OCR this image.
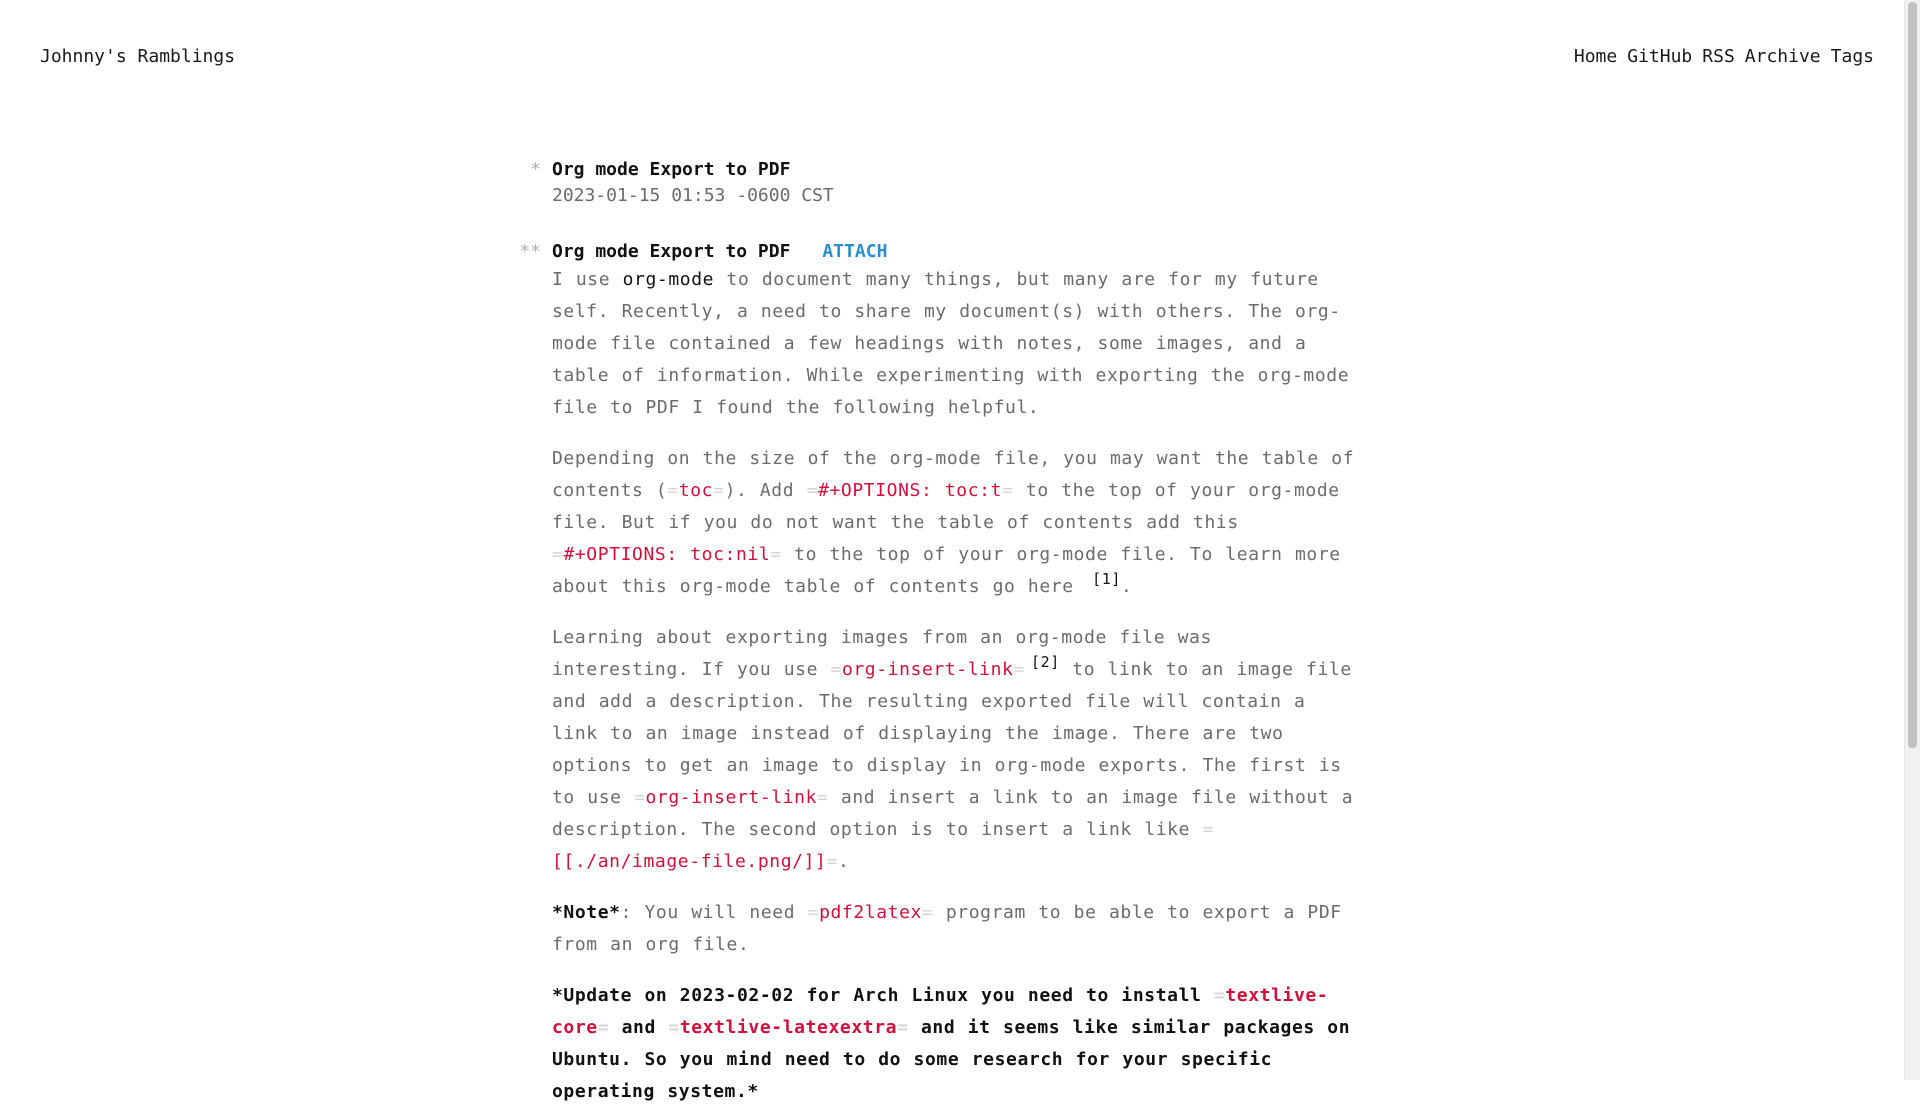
Johnny's Ramblings	Home GitHub RSS Archive Tags
* Org mode Export to PDF
2023-01-15 01:53 -0600 CST
** Org mode Export to PDF ATTACH

I use org-mode to document many things, but many are for my future self. Recently, a need to share my document(s) with others. The org-mode file contained a few headings with notes, some images, and a table of information. While experimenting with exporting the org-mode file to PDF I found the following helpful.

Depending on the size of the org-mode file, you may want the table of contents (=toc=). Add =#+OPTIONS: toc:t= to the top of your org-mode file. But if you do not want the table of contents add this =#+OPTIONS: toc:nil= to the top of your org-mode file. To learn more about this org-mode table of contents go here [1].

Learning about exporting images from an org-mode file was interesting. If you use =org-insert-link= [2] to link to an image file and add a description. The resulting exported file will contain a link to an image instead of displaying the image. There are two options to get an image to display in org-mode exports. The first is to use =org-insert-link= and insert a link to an image file without a description. The second option is to insert a link like =[[./an/image-file.png/]]=.

*Note*: You will need =pdf2latex= program to be able to export a PDF from an org file.

*Update on 2023-02-02 for Arch Linux you need to install =textlive-core= and =textlive-latexextra= and it seems like similar packages on Ubuntu. So you mind need to do some research for your specific operating system.*
